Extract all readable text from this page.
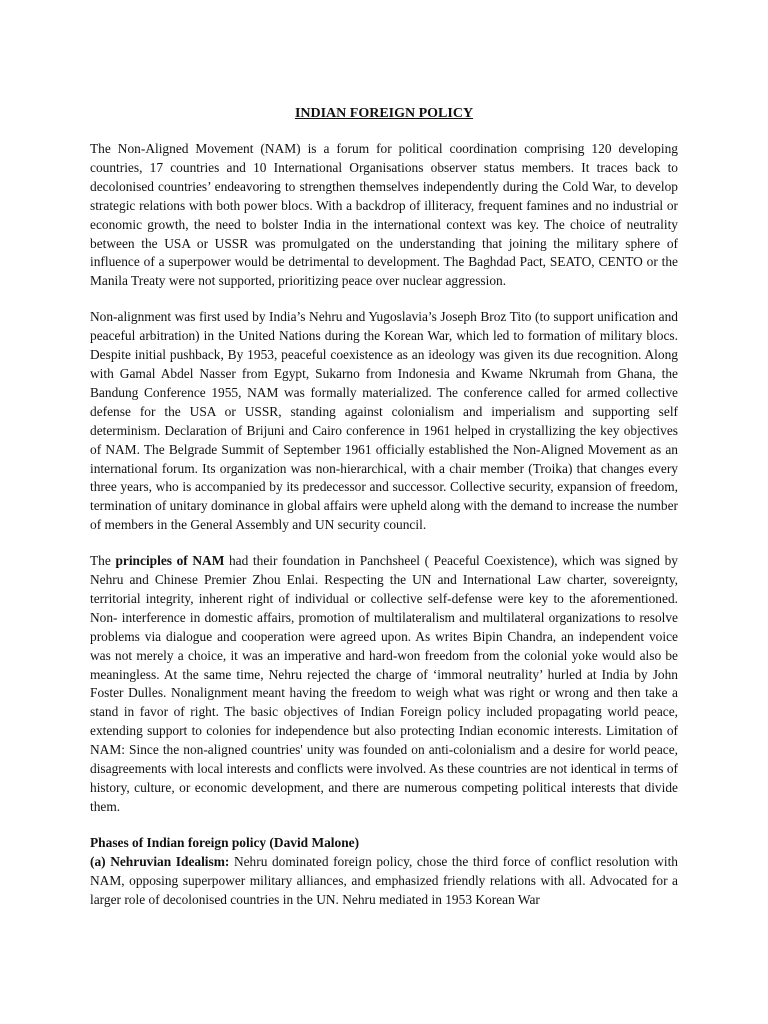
INDIAN FOREIGN POLICY

The Non-Aligned Movement (NAM) is a forum for political coordination comprising 120 developing countries, 17 countries and 10 International Organisations observer status members. It traces back to decolonised countries’ endeavoring to strengthen themselves independently during the Cold War, to develop strategic relations with both power blocs. With a backdrop of illiteracy, frequent famines and no industrial or economic growth, the need to bolster India in the international context was key. The choice of neutrality between the USA or USSR was promulgated on the understanding that joining the military sphere of influence of a superpower would be detrimental to development. The Baghdad Pact, SEATO, CENTO or the Manila Treaty were not supported, prioritizing peace over nuclear aggression.

Non-alignment was first used by India’s Nehru and Yugoslavia’s Joseph Broz Tito (to support unification and peaceful arbitration) in the United Nations during the Korean War, which led to formation of military blocs. Despite initial pushback, By 1953, peaceful coexistence as an ideology was given its due recognition. Along with Gamal Abdel Nasser from Egypt, Sukarno from Indonesia and Kwame Nkrumah from Ghana, the Bandung Conference 1955, NAM was formally materialized. The conference called for armed collective defense for the USA or USSR, standing against colonialism and imperialism and supporting self determinism. Declaration of Brijuni and Cairo conference in 1961 helped in crystallizing the key objectives of NAM. The Belgrade Summit of September 1961 officially established the Non-Aligned Movement as an international forum. Its organization was non-hierarchical, with a chair member (Troika) that changes every three years, who is accompanied by its predecessor and successor. Collective security, expansion of freedom, termination of unitary dominance in global affairs were upheld along with the demand to increase the number of members in the General Assembly and UN security council.

The principles of NAM had their foundation in Panchsheel ( Peaceful Coexistence), which was signed by Nehru and Chinese Premier Zhou Enlai. Respecting the UN and International Law charter, sovereignty, territorial integrity, inherent right of individual or collective self-defense were key to the aforementioned. Non- interference in domestic affairs, promotion of multilateralism and multilateral organizations to resolve problems via dialogue and cooperation were agreed upon. As writes Bipin Chandra, an independent voice was not merely a choice, it was an imperative and hard-won freedom from the colonial yoke would also be meaningless. At the same time, Nehru rejected the charge of ‘immoral neutrality’ hurled at India by John Foster Dulles. Nonalignment meant having the freedom to weigh what was right or wrong and then take a stand in favor of right. The basic objectives of Indian Foreign policy included propagating world peace, extending support to colonies for independence but also protecting Indian economic interests. Limitation of NAM: Since the non-aligned countries' unity was founded on anti-colonialism and a desire for world peace, disagreements with local interests and conflicts were involved. As these countries are not identical in terms of history, culture, or economic development, and there are numerous competing political interests that divide them.

Phases of Indian foreign policy (David Malone)

(a) Nehruvian Idealism: Nehru dominated foreign policy, chose the third force of conflict resolution with NAM, opposing superpower military alliances, and emphasized friendly relations with all. Advocated for a larger role of decolonised countries in the UN. Nehru mediated in 1953 Korean War
